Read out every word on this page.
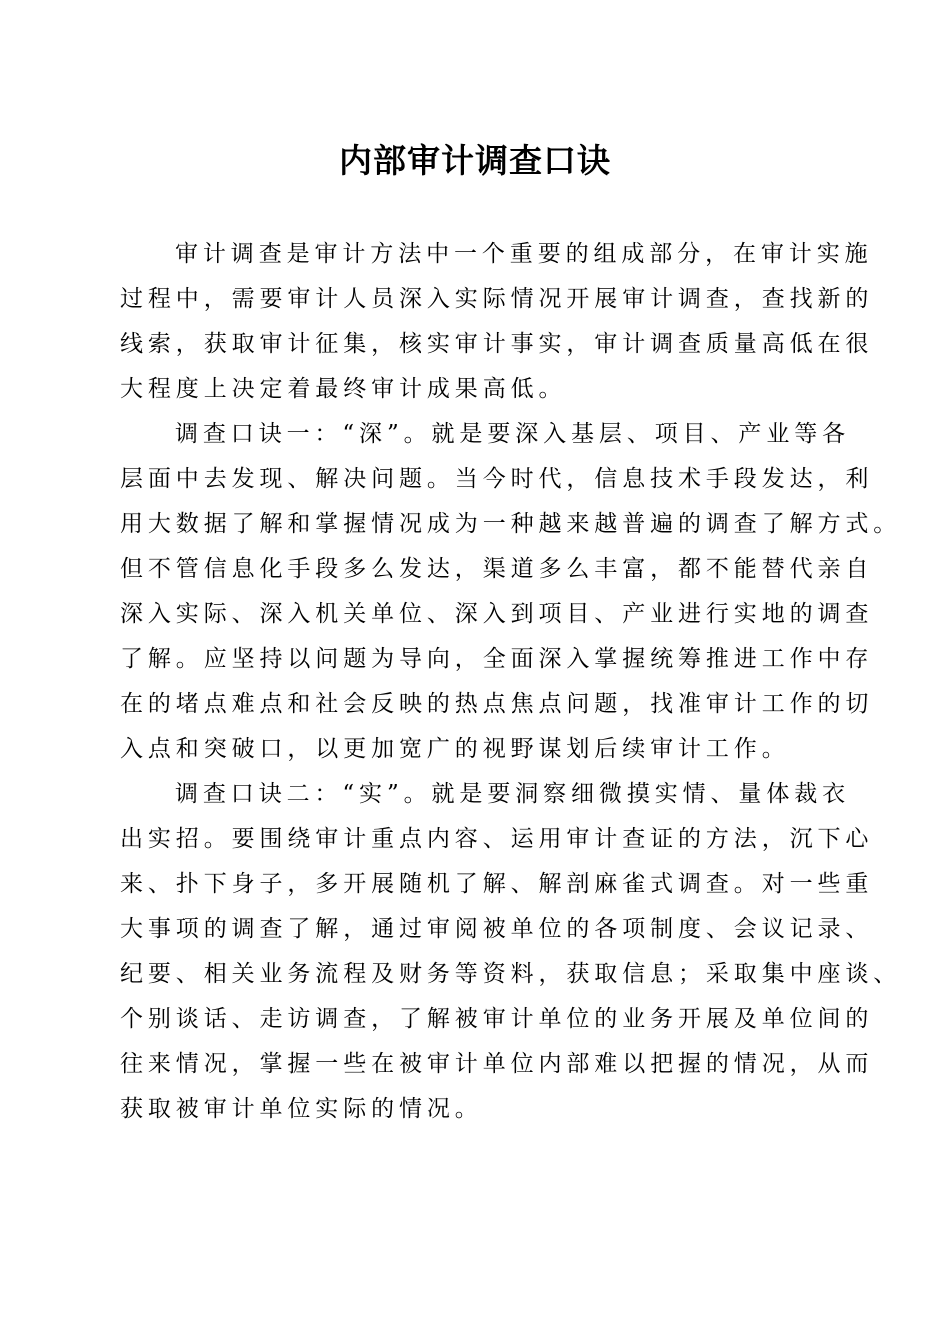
内部审计调查口诀
审计调查是审计方法中一个重要的组成部分，在审计实施
过程中，需要审计人员深入实际情况开展审计调查，查找新的
线索，获取审计征集，核实审计事实，审计调查质量高低在很
大程度上决定着最终审计成果高低。
调查口诀一：“深”。就是要深入基层、项目、产业等各
层面中去发现、解决问题。当今时代，信息技术手段发达，利
用大数据了解和掌握情况成为一种越来越普遍的调查了解方式。
但不管信息化手段多么发达，渠道多么丰富，都不能替代亲自
深入实际、深入机关单位、深入到项目、产业进行实地的调查
了解。应坚持以问题为导向，全面深入掌握统筹推进工作中存
在的堵点难点和社会反映的热点焦点问题，找准审计工作的切
入点和突破口，以更加宽广的视野谋划后续审计工作。
调查口诀二：“实”。就是要洞察细微摸实情、量体裁衣
出实招。要围绕审计重点内容、运用审计查证的方法，沉下心
来、扑下身子，多开展随机了解、解剖麻雀式调查。对一些重
大事项的调查了解，通过审阅被单位的各项制度、会议记录、
纪要、相关业务流程及财务等资料，获取信息；采取集中座谈、
个别谈话、走访调查，了解被审计单位的业务开展及单位间的
往来情况，掌握一些在被审计单位内部难以把握的情况，从而
获取被审计单位实际的情况。
